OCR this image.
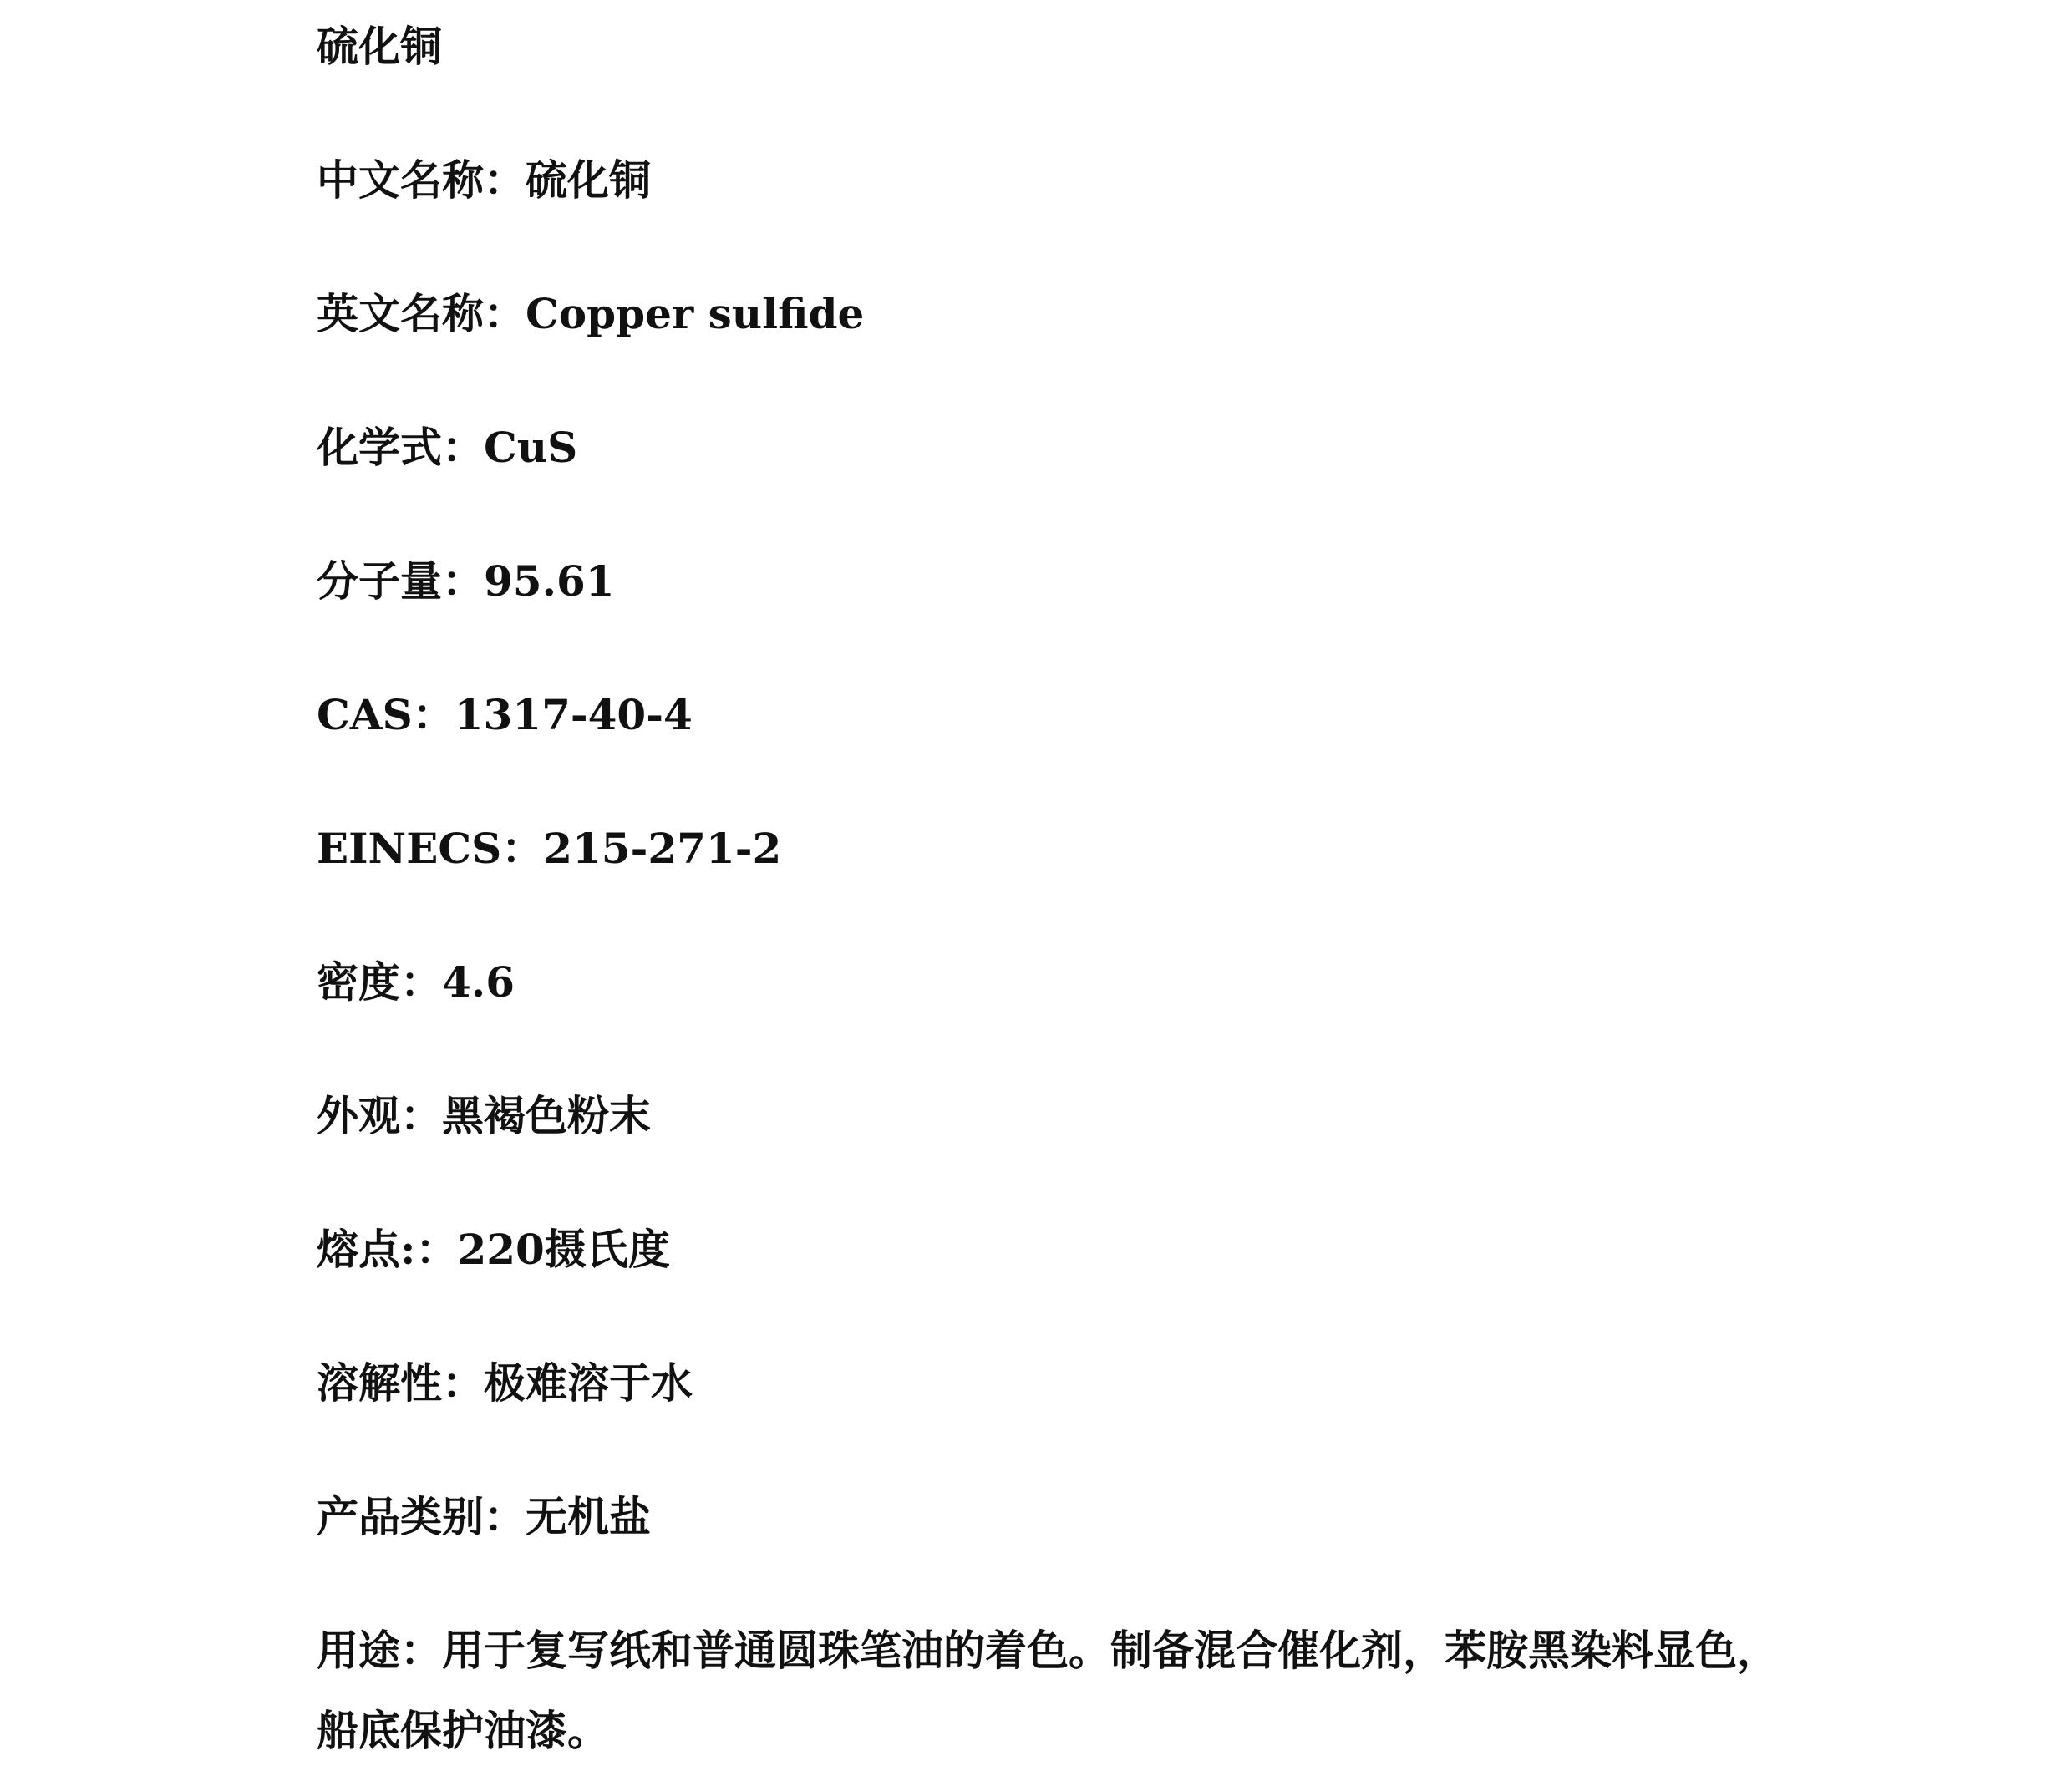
硫化铜
中文名称：硫化铜
英文名称：Copper sulfide
化学式：CuS
分子量：95.61
CAS：1317-40-4
EINECS：215-271-2
密度：4.6
外观：黑褐色粉末
熔点:：220摄氏度
溶解性：极难溶于水
产品类别：无机盐
用途：用于复写纸和普通圆珠笔油的着色。制备混合催化剂，苯胺黑染料显色，船底保护油漆。
